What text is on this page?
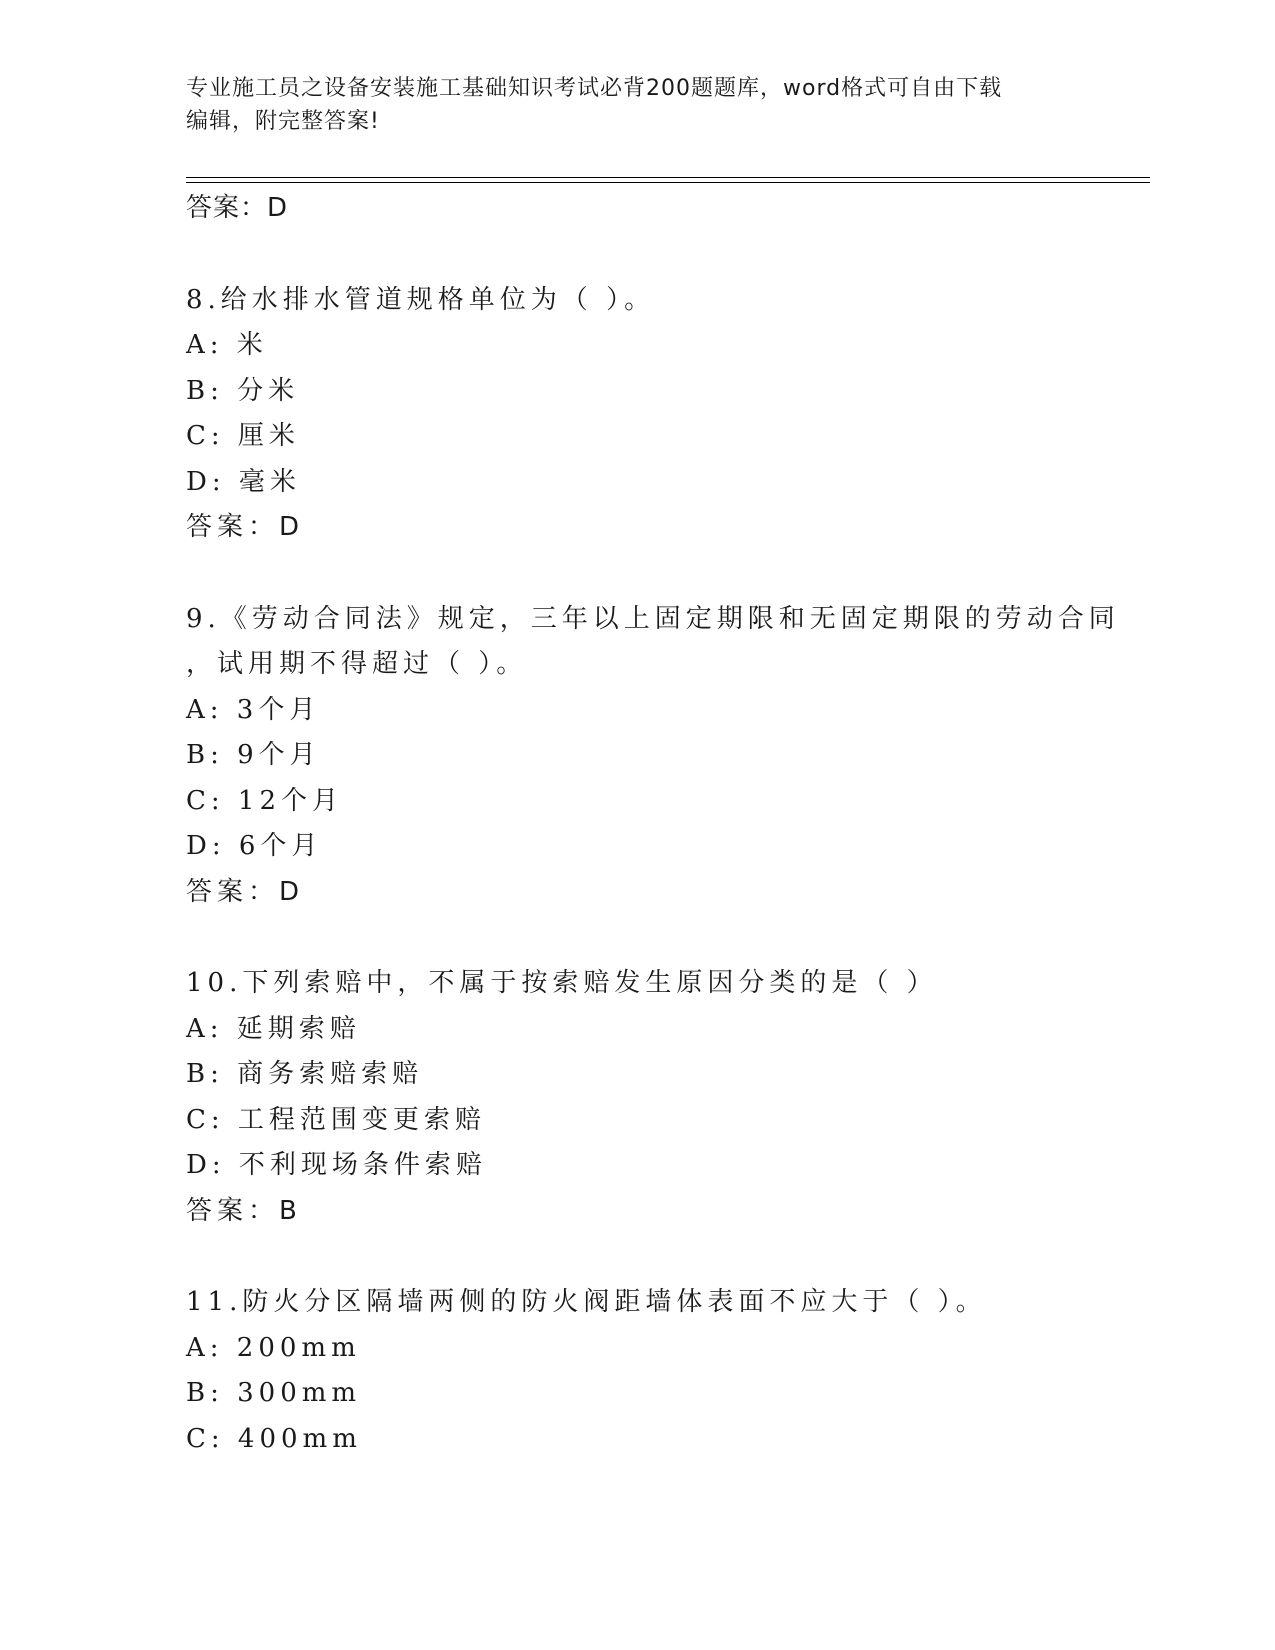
专业施工员之设备安装施工基础知识考试必背200题题库，word格式可自由下载
编辑，附完整答案!
答案：D
8.给水排水管道规格单位为（ ）。
A: 米
B: 分米
C: 厘米
D: 毫米
答案：D
9.《劳动合同法》规定，三年以上固定期限和无固定期限的劳动合同
，试用期不得超过（ ）。
A: 3个月
B: 9个月
C: 12个月
D: 6个月
答案：D
10.下列索赔中，不属于按索赔发生原因分类的是（ ）
A: 延期索赔
B: 商务索赔索赔
C: 工程范围变更索赔
D: 不利现场条件索赔
答案：B
11.防火分区隔墙两侧的防火阀距墙体表面不应大于（ ）。
A: 200mm
B: 300mm
C: 400mm
